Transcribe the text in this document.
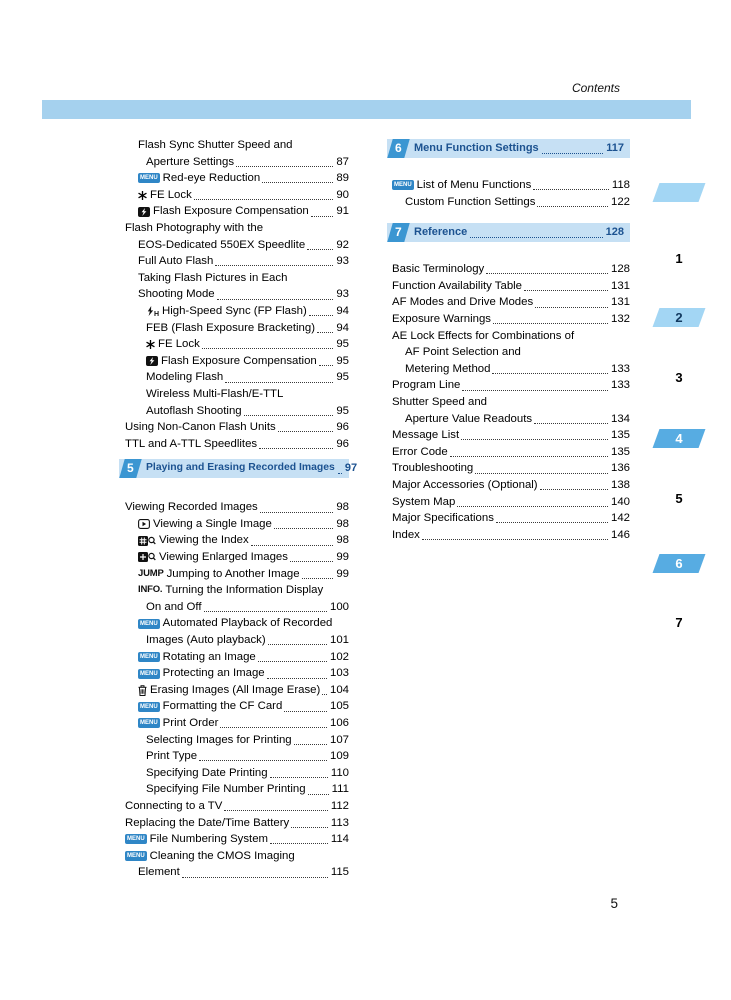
Contents
Flash Sync Shutter Speed and
Aperture Settings	87
MENU Red-eye Reduction	89
FE Lock	90
Flash Exposure Compensation 91
Flash Photography with the
EOS-Dedicated 550EX Speedlite	92
Full Auto Flash	93
Taking Flash Pictures in Each
Shooting Mode	93
H High-Speed Sync (FP Flash)	94
FEB (Flash Exposure Bracketing) 94
FE Lock	95
Flash Exposure Compensation 95
Modeling Flash	95
Wireless Multi-Flash/E-TTL
Autoflash Shooting	95
Using Non-Canon Flash Units	96
TTL and A-TTL Speedlites	96
5 Playing and Erasing Recorded Images 97
Viewing Recorded Images	98
Viewing a Single Image	98
Viewing the Index	98
Viewing Enlarged Images	99
JUMP Jumping to Another Image	99
INFO. Turning the Information Display
On and Off	100
MENU Automated Playback of Recorded
Images (Auto playback)	101
MENU Rotating an Image	102
MENU Protecting an Image	103
Erasing Images (All Image Erase) 104
MENU Formatting the CF Card	105
MENU Print Order	106
Selecting Images for Printing	107
Print Type	109
Specifying Date Printing	110
Specifying File Number Printing 111
Connecting to a TV	112
Replacing the Date/Time Battery	113
MENU File Numbering System	114
MENU Cleaning the CMOS Imaging
Element	115
6 Menu Function Settings	117
MENU List of Menu Functions	118
Custom Function Settings	122
7 Reference	128
Basic Terminology	128
Function Availability Table	131
AF Modes and Drive Modes	131
Exposure Warnings	132
AE Lock Effects for Combinations of
AF Point Selection and
Metering Method	133
Program Line	133
Shutter Speed and
Aperture Value Readouts	134
Message List	135
Error Code	135
Troubleshooting	136
Major Accessories (Optional)	138
System Map	140
Major Specifications	142
Index	146
5
1
2
3
4
5
6
7
